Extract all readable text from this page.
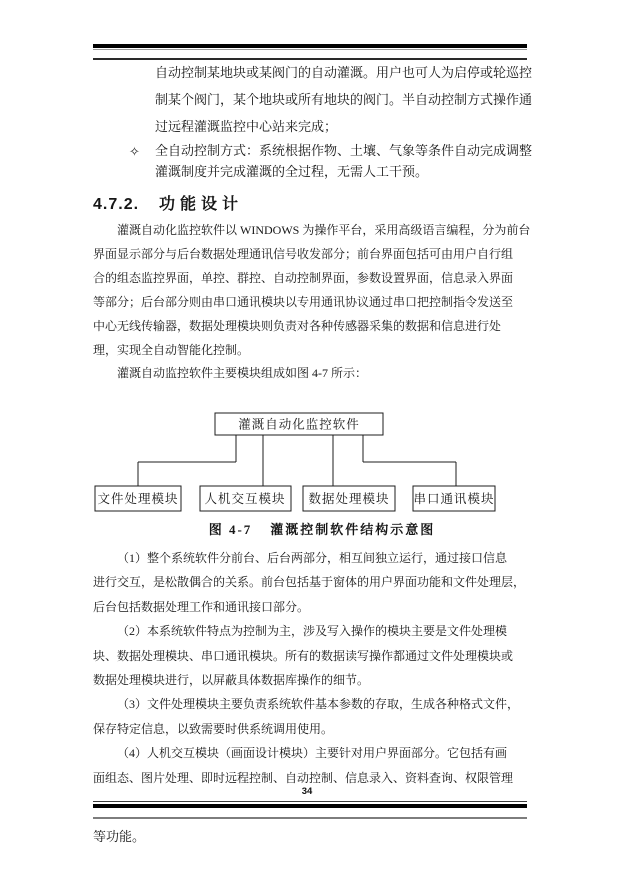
自动控制某地块或某阀门的自动灌溉。用户也可人为启停或轮巡控
制某个阀门，某个地块或所有地块的阀门。半自动控制方式操作通
过远程灌溉监控中心站来完成；
✧ 全自动控制方式：系统根据作物、土壤、气象等条件自动完成调整
灌溉制度并完成灌溉的全过程，无需人工干预。
4.7.2. 功能设计
灌溉自动化监控软件以 WINDOWS 为操作平台，采用高级语言编程，分为前台
界面显示部分与后台数据处理通讯信号收发部分；前台界面包括可由用户自行组
合的组态监控界面，单控、群控、自动控制界面，参数设置界面，信息录入界面
等部分；后台部分则由串口通讯模块以专用通讯协议通过串口把控制指令发送至
中心无线传输器，数据处理模块则负责对各种传感器采集的数据和信息进行处
理，实现全自动智能化控制。
灌溉自动监控软件主要模块组成如图 4-7 所示：
灌溉自动化监控软件
文件处理模块 人机交互模块 数据处理模块 串口通讯模块
图 4-7 灌溉控制软件结构示意图
（1）整个系统软件分前台、后台两部分，相互间独立运行，通过接口信息
进行交互，是松散偶合的关系。前台包括基于窗体的用户界面功能和文件处理层，
后台包括数据处理工作和通讯接口部分。
（2）本系统软件特点为控制为主，涉及写入操作的模块主要是文件处理模
块、数据处理模块、串口通讯模块。所有的数据读写操作都通过文件处理模块或
数据处理模块进行，以屏蔽具体数据库操作的细节。
（3）文件处理模块主要负责系统软件基本参数的存取，生成各种格式文件，
保存特定信息，以致需要时供系统调用使用。
（4）人机交互模块（画面设计模块）主要针对用户界面部分。它包括有画
面组态、图片处理、即时远程控制、自动控制、信息录入、资料查询、权限管理
34
等功能。
